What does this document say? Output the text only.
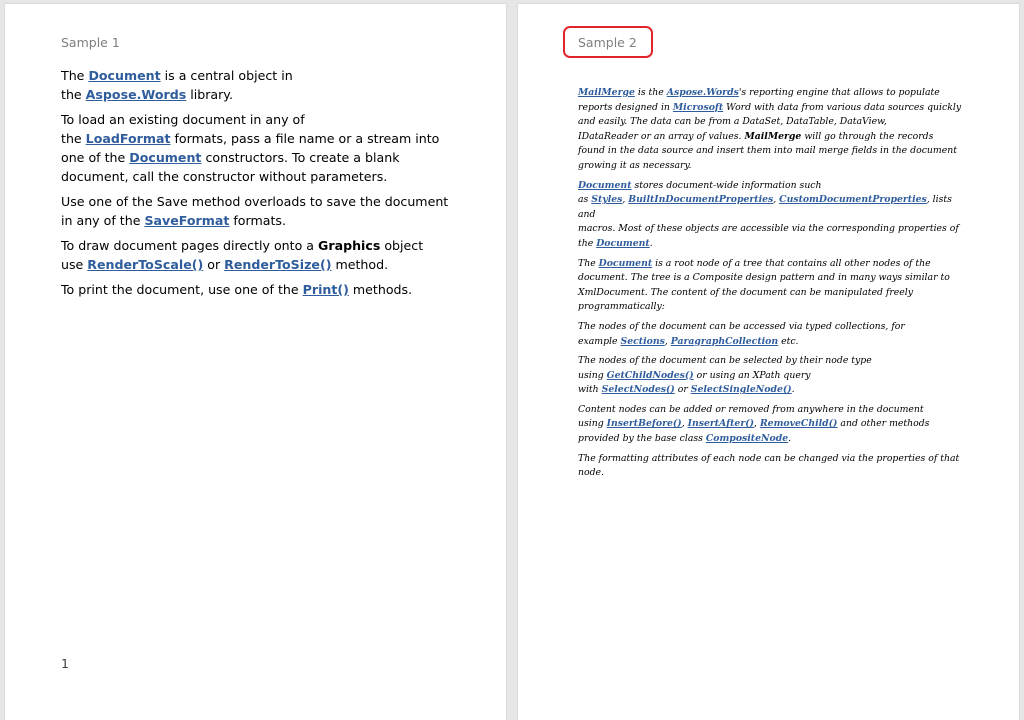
Sample 1

The Document is a central object in
the Aspose.Words library.

To load an existing document in any of
the LoadFormat formats, pass a file name or a stream into
one of the Document constructors. To create a blank
document, call the constructor without parameters.

Use one of the Save method overloads to save the document
in any of the SaveFormat formats.

To draw document pages directly onto a Graphics object
use RenderToScale() or RenderToSize() method.

To print the document, use one of the Print() methods.

1
Sample 2

MailMerge is the Aspose.Words's reporting engine that allows to populate
reports designed in Microsoft Word with data from various data sources quickly
and easily. The data can be from a DataSet, DataTable, DataView,
IDataReader or an array of values. MailMerge will go through the records
found in the data source and insert them into mail merge fields in the document
growing it as necessary.

Document stores document-wide information such
as Styles, BuiltInDocumentProperties, CustomDocumentProperties, lists and
macros. Most of these objects are accessible via the corresponding properties of
the Document.

The Document is a root node of a tree that contains all other nodes of the
document. The tree is a Composite design pattern and in many ways similar to
XmlDocument. The content of the document can be manipulated freely
programmatically:

The nodes of the document can be accessed via typed collections, for
example Sections, ParagraphCollection etc.

The nodes of the document can be selected by their node type
using GetChildNodes() or using an XPath query
with SelectNodes() or SelectSingleNode().

Content nodes can be added or removed from anywhere in the document
using InsertBefore(), InsertAfter(), RemoveChild() and other methods
provided by the base class CompositeNode.

The formatting attributes of each node can be changed via the properties of that
node.
